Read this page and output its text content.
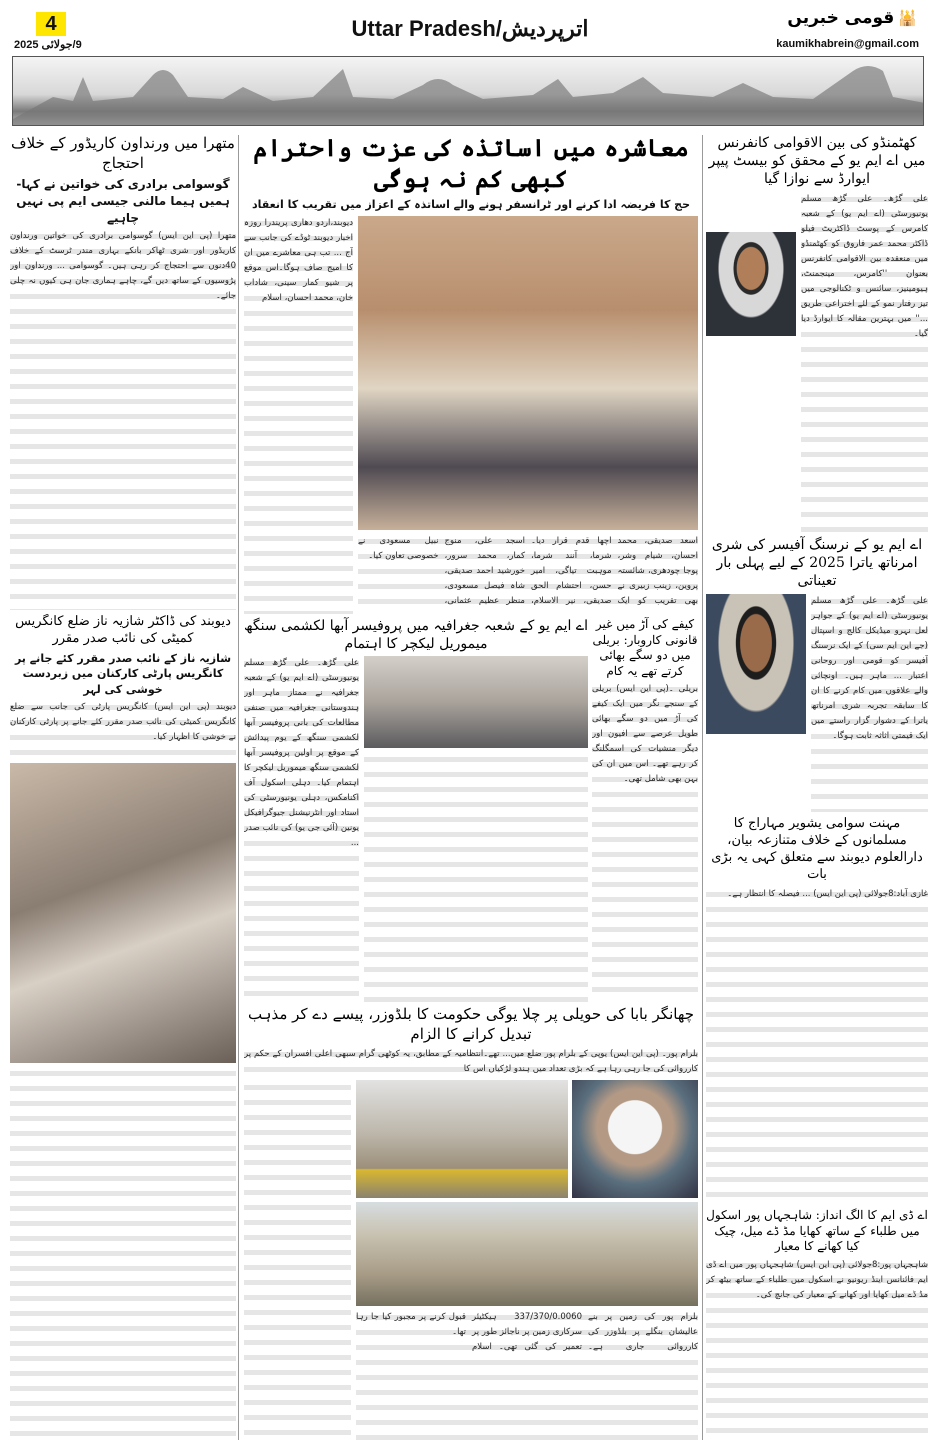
4
9/جولائی 2025
Uttar Pradesh/اترپردیش	قومی خبریں 🕌
kaumikhabrein@gmail.com
متھرا میں ورنداون کاریڈور کے خلاف احتجاج
گوسوامی برادری کی خواتین نے کہا-ہمیں ہیما مالنی جیسی ایم پی نہیں چاہیے
متھرا (پی این ایس) گوسوامی برادری کی خواتین ورنداون کاریڈور اور شری ٹھاکر بانکے بہاری مندر ٹرسٹ کے خلاف 40دنوں سے احتجاج کر رہی ہیں۔ گوسوامی ... ورنداون اور پڑوسیوں کے ساتھ دیں گے، چاہے ہماری جان ہی کیوں نہ چلی جائے۔
دیوبند کی ڈاکٹر شازیہ ناز ضلع کانگریس کمیٹی کی نائب صدر مقرر
شازیہ ناز کے نائب صدر مقرر کئے جانے پر کانگریس پارٹی کارکنان میں زبردست خوشی کی لہر
دیوبند (پی این ایس) کانگریس پارٹی کی جانب سے ضلع کانگریس کمیٹی کی نائب صدر مقرر کئے جانے پر پارٹی کارکنان نے خوشی کا اظہار کیا۔
معاشرہ میں اساتذہ کی عزت واحترام کبھی کم نہ ہوگی
حج کا فریضہ ادا کرنے اور ٹرانسفر ہونے والے اساتذہ کے اعزاز میں تقریب کا انعقاد
اسعد صدیقی، محمد احسان، شیام وشر، پوجا چودھری، شائستہ پروین، زینب زبیری نے بھی تقریب کو ایک اچھا قدم قرار دیا۔ شرما، آنند شرما، موہبت تیاگی، امیر حسن، احتشام الحق صدیقی، نیر الاسلام، اسجد علی، منوج کمار، محمد سرور، خورشید احمد صدیقی، شاہ فیصل مسعودی، منظر عظیم عثمانی، نبیل مسعودی نے خصوصی تعاون کیا۔
دیوبند،اردو دھاری پریندرا روزہ اخبار دیوبند ٹوڈے کی جانب سے آج ... تب ہی معاشرے میں ان کا امیج صاف ہوگا۔اس موقع پر شیو کمار سینی، شاداب خان، محمد احسان، اسلام
اے ایم یو کے شعبہ جغرافیہ میں پروفیسر آبھا لکشمی سنگھ میموریل لیکچر کا اہتمام
علی گڑھ۔ علی گڑھ مسلم یونیورسٹی (اے ایم یو) کے شعبہ جغرافیہ نے ممتاز ماہر اور ہندوستانی جغرافیہ میں صنفی مطالعات کی بانی پروفیسر آبھا لکشمی سنگھ کے یوم پیدائش کے موقع پر اولین پروفیسر آبھا لکشمی سنگھ میموریل لیکچر کا اہتمام کیا۔ دہلی اسکول آف اکنامکس، دہلی یونیورسٹی کی استاد اور انٹرنیشنل جیوگرافیکل یونین (آئی جی یو) کی نائب صدر ...
کیفے کی آڑ میں غیر قانونی کاروبار: بریلی میں دو سگے بھائی کرتے تھے یہ کام
بریلی ۔(پی این ایس) بریلی کے سنجے نگر میں ایک کیفے کی آڑ میں دو سگے بھائی طویل عرصے سے افیون اور دیگر منشیات کی اسمگلنگ کر رہے تھے۔ اس میں ان کی بہن بھی شامل تھی۔
چھانگر بابا کی حویلی پر چلا یوگی حکومت کا بلڈوزر، پیسے دے کر مذہب تبدیل کرانے کا الزام
بلرام پور۔ (پی این ایس) یوپی کے بلرام پور ضلع میں... تھے۔انتظامیہ کے مطابق، یہ کوٹھی گرام سبھی اعلی افسران کے حکم پر کارروائی کی جا رہی رہا ہے کہ بڑی تعداد میں ہندو لڑکیاں اس کا
بلرام پور کی زمین پر بنے عالیشان بنگلے پر بلڈوزر کی کارروائی جاری ہے۔ 337/370/0.0060 ہیکٹیئر سرکاری زمین پر ناجائز طور پر تعمیر کی گئی تھی۔ اسلام قبول کرنے پر مجبور کیا جا رہا تھا۔
کھٹمنڈو کی بین الاقوامی کانفرنس میں اے ایم یو کے محقق کو بیسٹ پیپر ایوارڈ سے نوازا گیا
علی گڑھ۔ علی گڑھ مسلم یونیورسٹی (اے ایم یو) کے شعبہ کامرس کے پوسٹ ڈاکٹریٹ فیلو ڈاکٹر محمد عمر فاروق کو کھٹمنڈو میں منعقدہ بین الاقوامی کانفرنس بعنوان ''کامرس، مینجمنٹ، ہیومینیز، سائنس و ٹکنالوجی میں تیز رفتار نمو کے لئے اختراعی طریق ...'' میں بہترین مقالہ کا ایوارڈ دیا گیا۔
اے ایم یو کے نرسنگ آفیسر کی شری امرناتھ یاترا 2025 کے لیے پہلی بار تعیناتی
علی گڑھ۔ علی گڑھ مسلم یونیورسٹی (اے ایم یو) کے جواہر لعل نہرو میڈیکل کالج و اسپتال (جے این ایم سی) کے ایک نرسنگ آفیسر کو قومی اور روحانی اعتبار ... ماہر ہیں۔ اونچائی والے علاقوں میں کام کرنے کا ان کا سابقہ تجربہ شری امرناتھ یاترا کے دشوار گزار راستے میں ایک قیمتی اثاثہ ثابت ہوگا۔
مہنت سوامی یشویر مہاراج کا مسلمانوں کے خلاف متنازعہ بیان، دارالعلوم دیوبند سے متعلق کہی یہ بڑی بات
غازی آباد:8جولائی (پی این ایس) ... فیصلہ کا انتظار ہے۔
اے ڈی ایم کا الگ انداز: شاہجہاں پور اسکول میں طلباء کے ساتھ کھایا مڈ ڈے میل، چیک کیا کھانے کا معیار
شاہجہاں پور:8جولائی (پی این ایس) شاہجہاں پور میں اے ڈی ایم فائنانس اینڈ ریونیو نے اسکول میں طلباء کے ساتھ بیٹھ کر مڈ ڈے میل کھایا اور کھانے کے معیار کی جانچ کی۔
